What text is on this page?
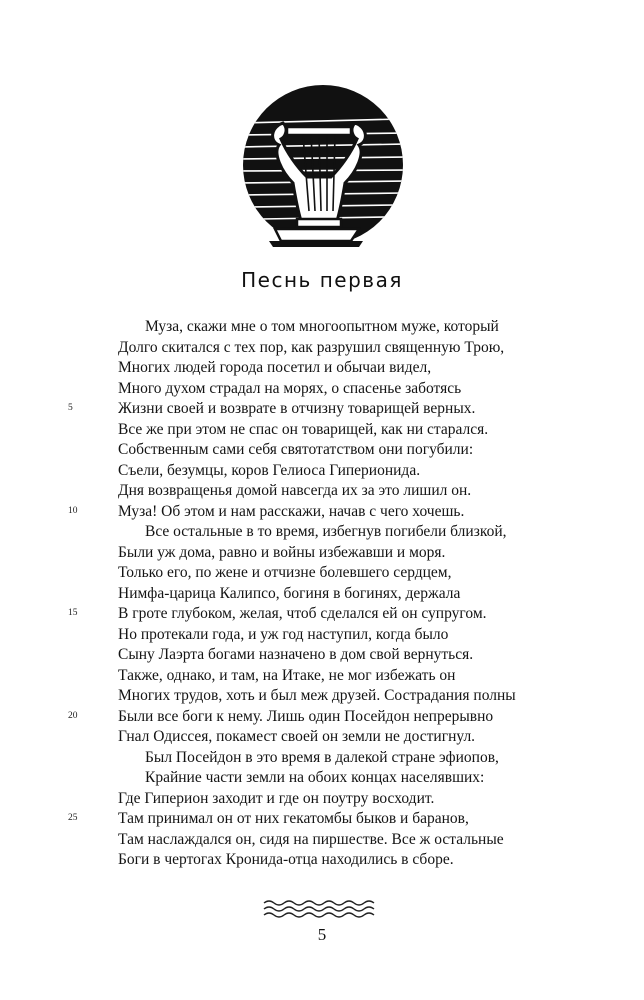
Песнь первая
Муза, скажи мне о том многоопытном муже, который
Долго скитался с тех пор, как разрушил священную Трою,
Многих людей города посетил и обычаи видел,
Много духом страдал на морях, о спасенье заботясь
Жизни своей и возврате в отчизну товарищей верных.
5
Все же при этом не спас он товарищей, как ни старался.
Собственным сами себя святотатством они погубили:
Съели, безумцы, коров Гелиоса Гиперионида.
Дня возвращенья домой навсегда их за это лишил он.
Муза! Об этом и нам расскажи, начав с чего хочешь.
10
Все остальные в то время, избегнув погибели близкой,
Были уж дома, равно и войны избежавши и моря.
Только его, по жене и отчизне болевшего сердцем,
Нимфа-царица Калипсо, богиня в богинях, держала
В гроте глубоком, желая, чтоб сделался ей он супругом.
15
Но протекали года, и уж год наступил, когда было
Сыну Лаэрта богами назначено в дом свой вернуться.
Также, однако, и там, на Итаке, не мог избежать он
Многих трудов, хоть и был меж друзей. Сострадания полны
Были все боги к нему. Лишь один Посейдон непрерывно
20
Гнал Одиссея, покамест своей он земли не достигнул.
Был Посейдон в это время в далекой стране эфиопов,
Крайние части земли на обоих концах населявших:
Где Гиперион заходит и где он поутру восходит.
Там принимал он от них гекатомбы быков и баранов,
25
Там наслаждался он, сидя на пиршестве. Все ж остальные
Боги в чертогах Кронида-отца находились в сборе.
5
